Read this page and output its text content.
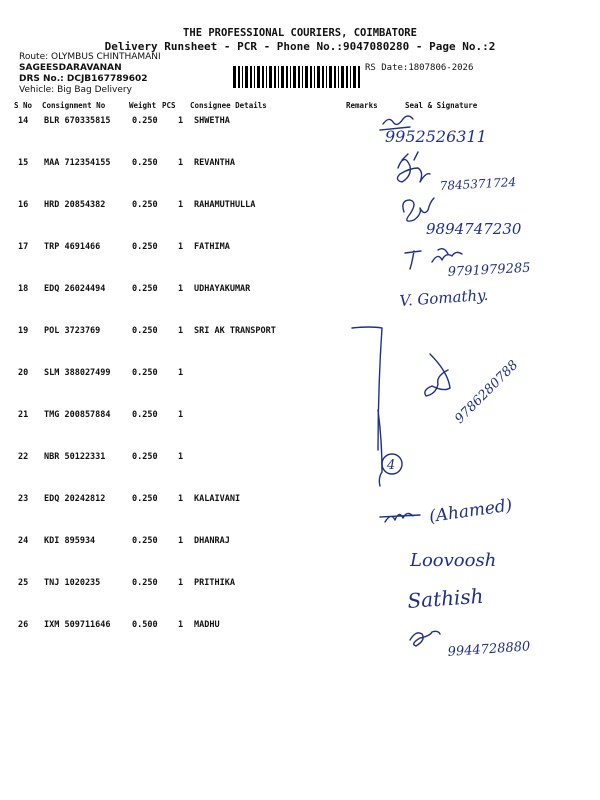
THE PROFESSIONAL COURIERS, COIMBATORE
Delivery Runsheet - PCR - Phone No.:9047080280 - Page No.:2
Route: OLYMBUS CHINTHAMANI
SAGEESDARAVANAN
DRS No.: DCJB167789602
Vehicle: Big Bag Delivery
RS Date:1807806-2026
S No Consignment No	Weight PCS Consignee Details	Remarks	Seal & Signature
14 BLR 670335815	0.250 1 SHWETHA
15 MAA 712354155	0.250 1 REVANTHA
16 HRD 20854382	0.250 1 RAHAMUTHULLA
17 TRP 4691466	0.250 1 FATHIMA
18 EDQ 26024494	0.250 1 UDHAYAKUMAR
19 POL 3723769	0.250 1 SRI AK TRANSPORT
20 SLM 388027499	0.250 1
21 TMG 200857884	0.250 1
22 NBR 50122331	0.250 1
23 EDQ 20242812	0.250 1 KALAIVANI
24 KDI 895934	0.250 1 DHANRAJ
25 TNJ 1020235	0.250 1 PRITHIKA
26 IXM 509711646	0.500 1 MADHU
9952526311
7845371724
9894747230
9791979285
V. Gomathy.
9786280788
4
(Ahamed)
Loovoosh
Sathish
9944728880
